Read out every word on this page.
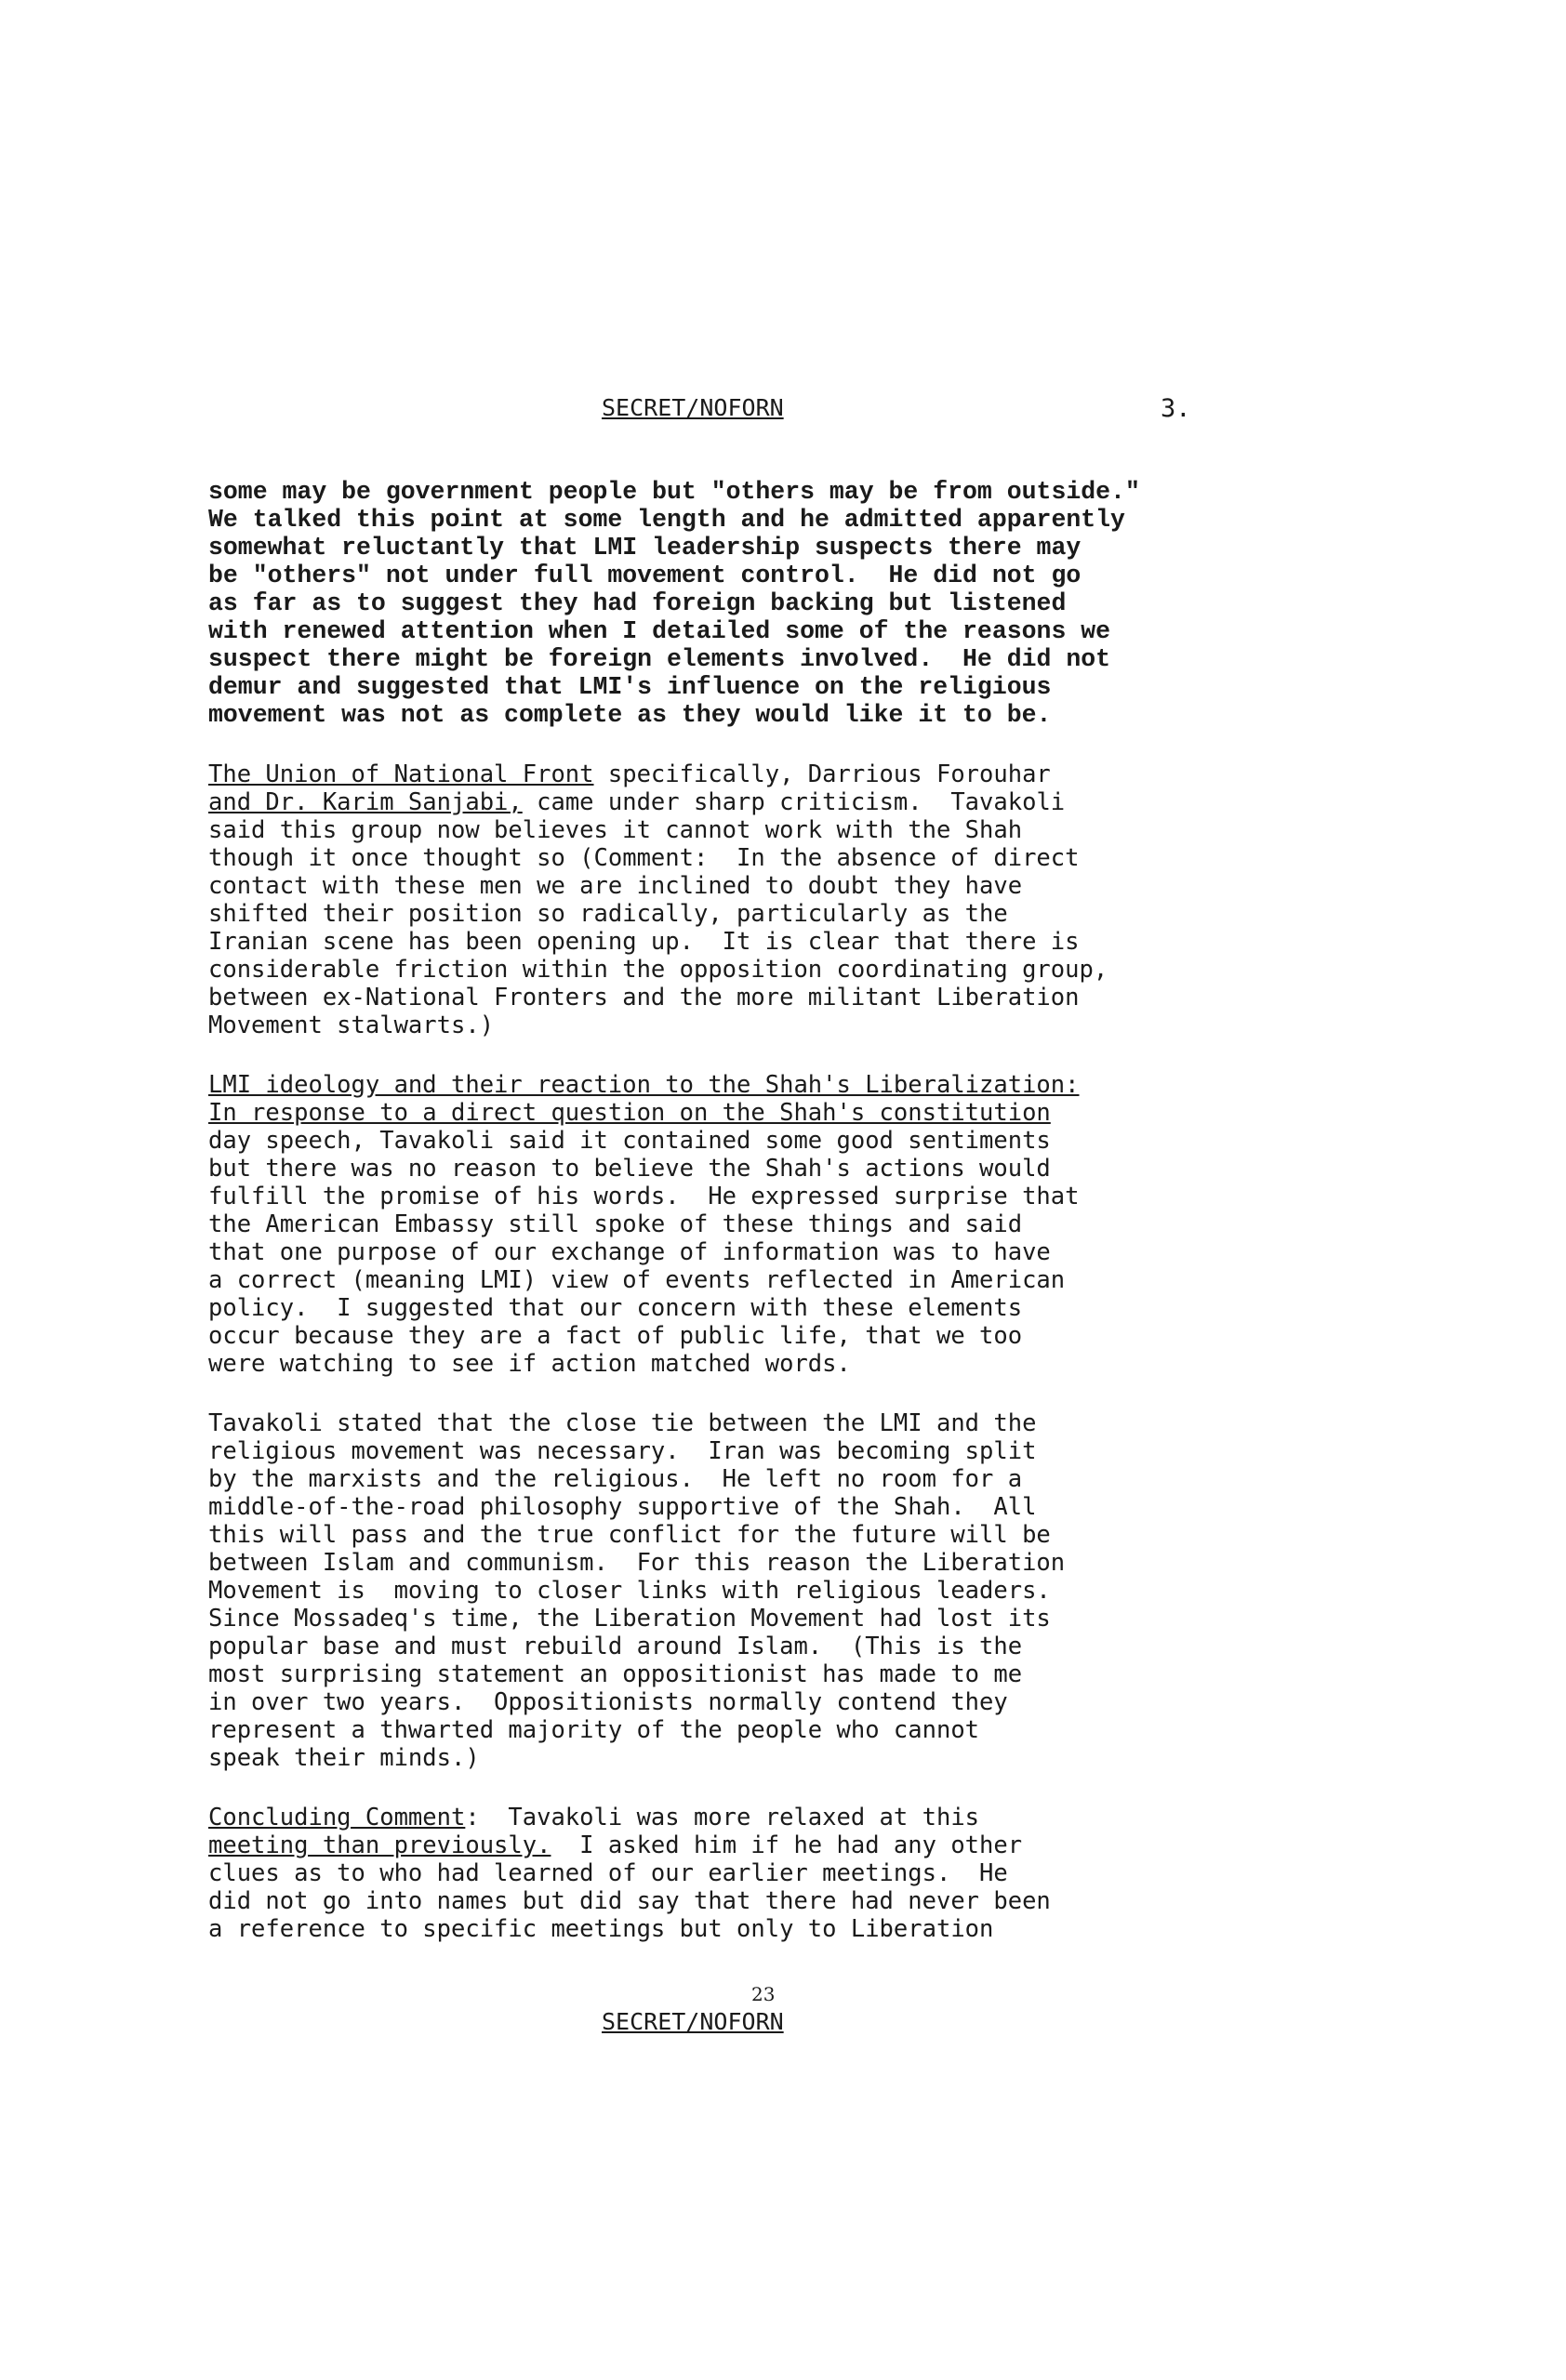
SECRET/NOFORN	3.
some may be government people but "others may be from outside."
We talked this point at some length and he admitted apparently
somewhat reluctantly that LMI leadership suspects there may
be "others" not under full movement control.  He did not go
as far as to suggest they had foreign backing but listened
with renewed attention when I detailed some of the reasons we
suspect there might be foreign elements involved.  He did not
demur and suggested that LMI's influence on the religious
movement was not as complete as they would like it to be.
The Union of National Front specifically, Darrious Forouhar
and Dr. Karim Sanjabi, came under sharp criticism.  Tavakoli
said this group now believes it cannot work with the Shah
though it once thought so (Comment:  In the absence of direct
contact with these men we are inclined to doubt they have
shifted their position so radically, particularly as the
Iranian scene has been opening up.  It is clear that there is
considerable friction within the opposition coordinating group,
between ex-National Fronters and the more militant Liberation
Movement stalwarts.)
LMI ideology and their reaction to the Shah's Liberalization:
In response to a direct question on the Shah's constitution
day speech, Tavakoli said it contained some good sentiments
but there was no reason to believe the Shah's actions would
fulfill the promise of his words.  He expressed surprise that
the American Embassy still spoke of these things and said
that one purpose of our exchange of information was to have
a correct (meaning LMI) view of events reflected in American
policy.  I suggested that our concern with these elements
occur because they are a fact of public life, that we too
were watching to see if action matched words.
Tavakoli stated that the close tie between the LMI and the
religious movement was necessary.  Iran was becoming split
by the marxists and the religious.  He left no room for a
middle-of-the-road philosophy supportive of the Shah.  All
this will pass and the true conflict for the future will be
between Islam and communism.  For this reason the Liberation
Movement is  moving to closer links with religious leaders.
Since Mossadeq's time, the Liberation Movement had lost its
popular base and must rebuild around Islam.  (This is the
most surprising statement an oppositionist has made to me
in over two years.  Oppositionists normally contend they
represent a thwarted majority of the people who cannot
speak their minds.)
Concluding Comment:  Tavakoli was more relaxed at this
meeting than previously.  I asked him if he had any other
clues as to who had learned of our earlier meetings.  He
did not go into names but did say that there had never been
a reference to specific meetings but only to Liberation
23
SECRET/NOFORN
